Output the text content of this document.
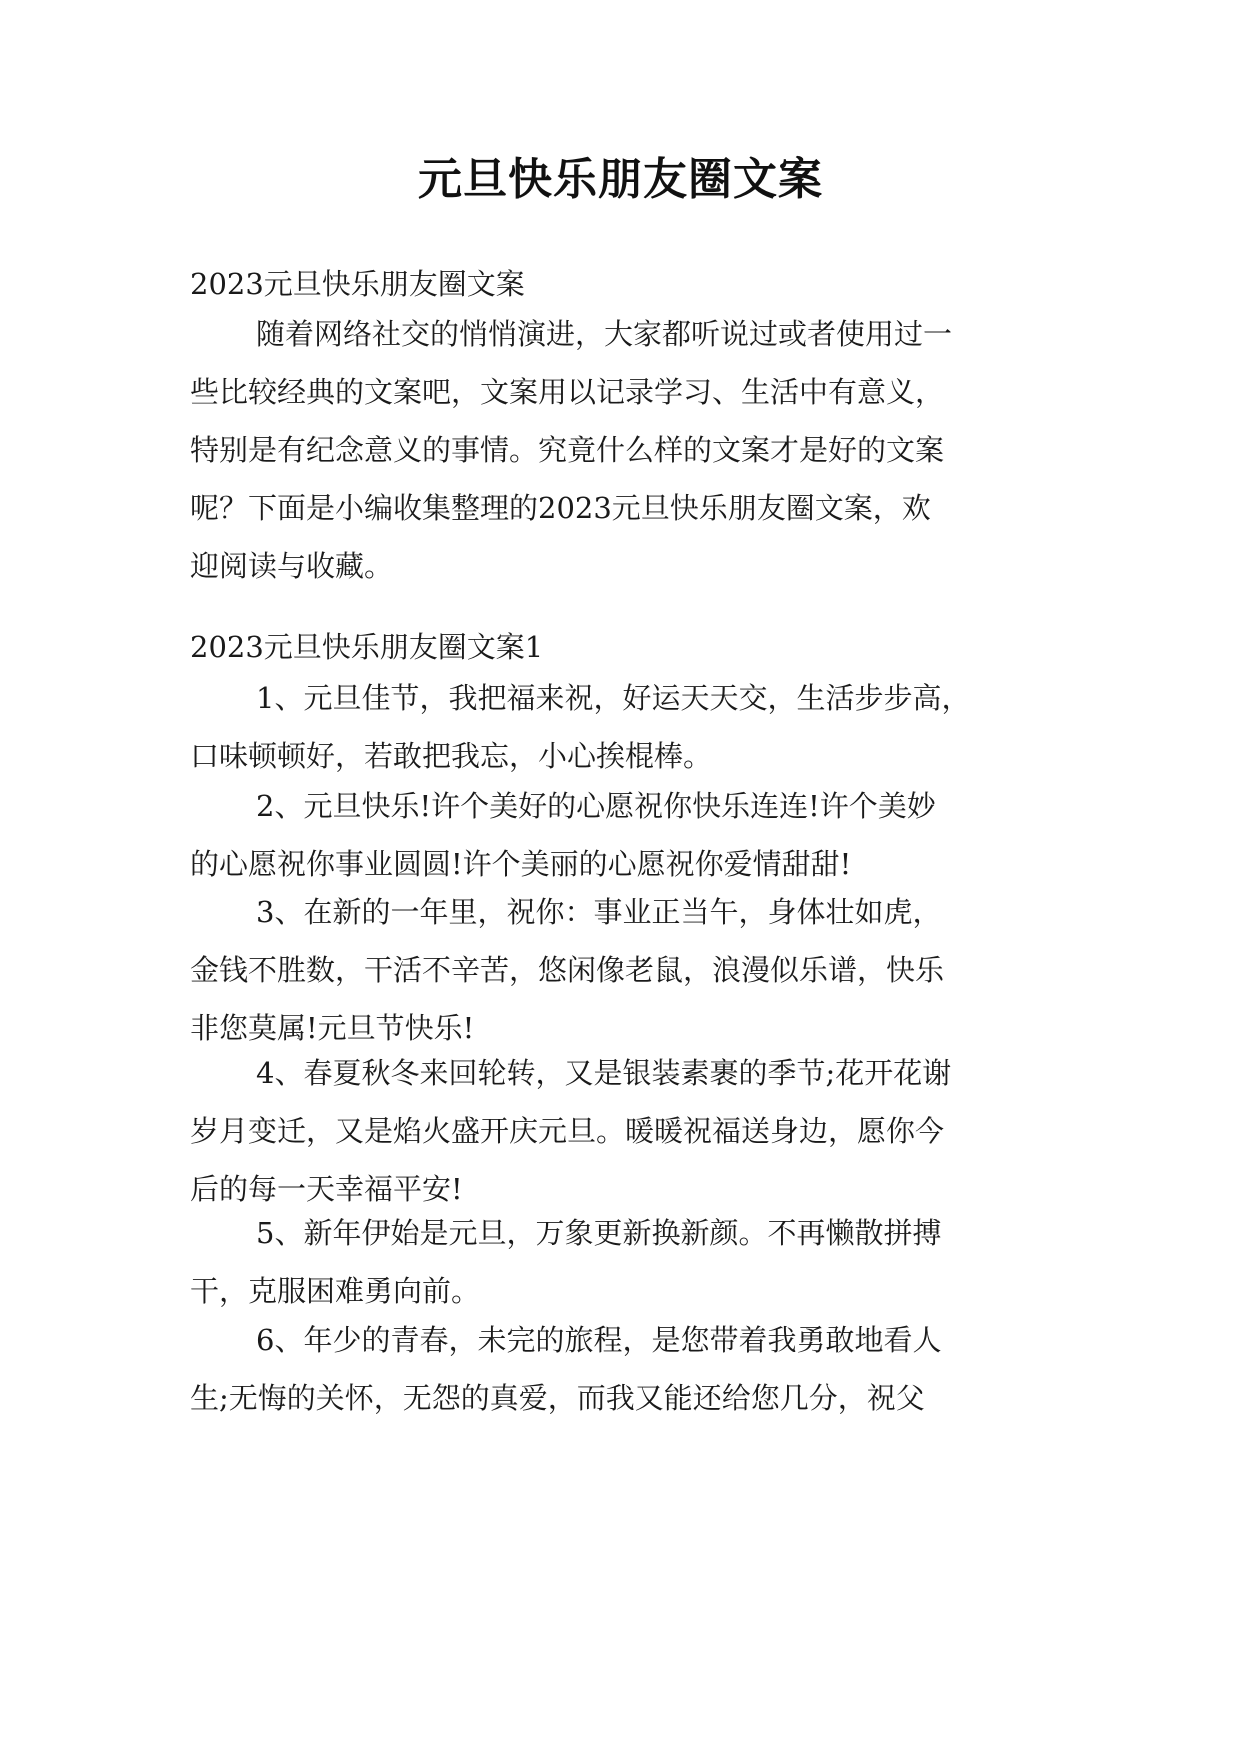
元旦快乐朋友圈文案
2023元旦快乐朋友圈文案
随着网络社交的悄悄演进，大家都听说过或者使用过一
些比较经典的文案吧，文案用以记录学习、生活中有意义，
特别是有纪念意义的事情。究竟什么样的文案才是好的文案
呢？下面是小编收集整理的2023元旦快乐朋友圈文案，欢
迎阅读与收藏。
2023元旦快乐朋友圈文案1
1、元旦佳节，我把福来祝，好运天天交，生活步步高，
口味顿顿好，若敢把我忘，小心挨棍棒。
2、元旦快乐!许个美好的心愿祝你快乐连连!许个美妙
的心愿祝你事业圆圆!许个美丽的心愿祝你爱情甜甜!
3、在新的一年里，祝你：事业正当午，身体壮如虎，
金钱不胜数，干活不辛苦，悠闲像老鼠，浪漫似乐谱，快乐
非您莫属!元旦节快乐!
4、春夏秋冬来回轮转，又是银装素裹的季节;花开花谢
岁月变迁，又是焰火盛开庆元旦。暖暖祝福送身边，愿你今
后的每一天幸福平安!
5、新年伊始是元旦，万象更新换新颜。不再懒散拼搏
干，克服困难勇向前。
6、年少的青春，未完的旅程，是您带着我勇敢地看人
生;无悔的关怀，无怨的真爱，而我又能还给您几分，祝父
